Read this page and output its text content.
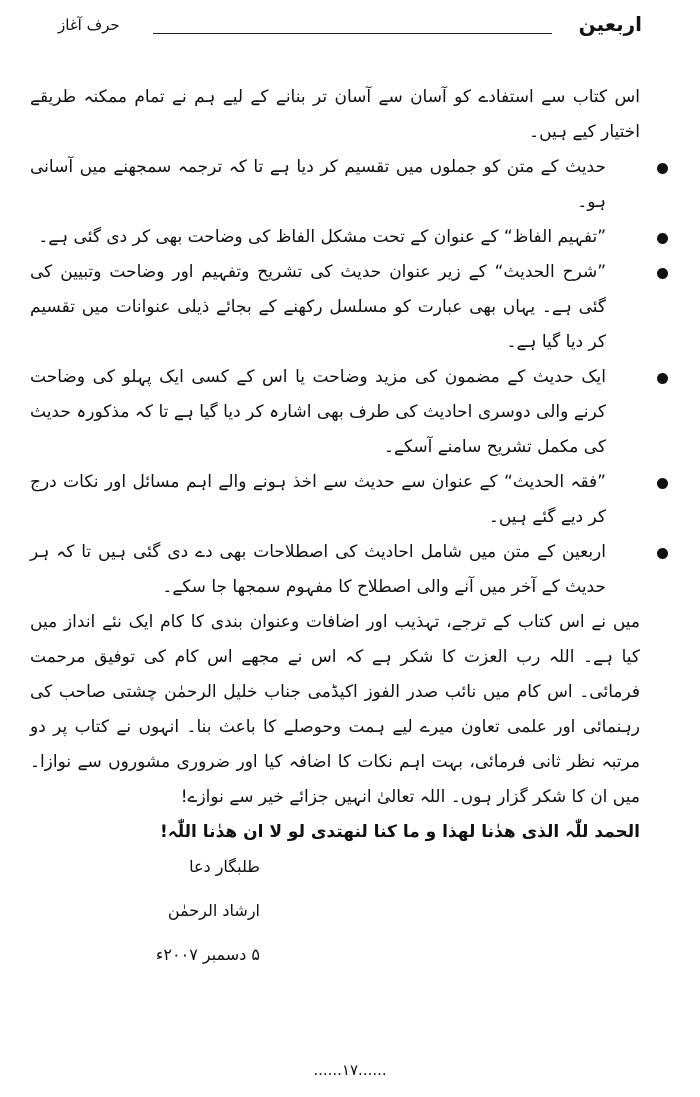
اربعین
حرف آغاز

اس کتاب سے استفادے کو آسان سے آسان تر بنانے کے لیے ہم نے تمام ممکنہ طریقے اختیار کیے ہیں۔

حدیث کے متن کو جملوں میں تقسیم کر دیا ہے تا کہ ترجمہ سمجھنے میں آسانی ہو۔
”تفہیم الفاظ“ کے عنوان کے تحت مشکل الفاظ کی وضاحت بھی کر دی گئی ہے۔
”شرح الحدیث“ کے زیر عنوان حدیث کی تشریح وتفہیم اور وضاحت وتبیین کی گئی ہے۔ یہاں بھی عبارت کو مسلسل رکھنے کے بجائے ذیلی عنوانات میں تقسیم کر دیا گیا ہے۔
ایک حدیث کے مضمون کی مزید وضاحت یا اس کے کسی ایک پہلو کی وضاحت کرنے والی دوسری احادیث کی طرف بھی اشارہ کر دیا گیا ہے تا کہ مذکورہ حدیث کی مکمل تشریح سامنے آسکے۔
”فقہ الحدیث“ کے عنوان سے حدیث سے اخذ ہونے والے اہم مسائل اور نکات درج کر دیے گئے ہیں۔
اربعین کے متن میں شامل احادیث کی اصطلاحات بھی دے دی گئی ہیں تا کہ ہر حدیث کے آخر میں آنے والی اصطلاح کا مفہوم سمجھا جا سکے۔

میں نے اس کتاب کے ترجے، تہذیب اور اضافات وعنوان بندی کا کام ایک نئے انداز میں کیا ہے۔ اللہ رب العزت کا شکر ہے کہ اس نے مجھے اس کام کی توفیق مرحمت فرمائی۔ اس کام میں نائب صدر الفوز اکیڈمی جناب خلیل الرحمٰن چشتی صاحب کی رہنمائی اور علمی تعاون میرے لیے ہمت وحوصلے کا باعث بنا۔ انہوں نے کتاب پر دو مرتبہ نظر ثانی فرمائی، بہت اہم نکات کا اضافہ کیا اور ضروری مشوروں سے نوازا۔ میں ان کا شکر گزار ہوں۔ اللہ تعالیٰ انہیں جزائے خیر سے نوازے!

الحمد للّٰہ الذی ھدٰنا لھذا و ما کنا لنھتدی لو لا ان ھدٰنا اللّٰہ!

طلبگار دعا
ارشاد الرحمٰن
۵ دسمبر ۲۰۰۷ء
......۱۷......
